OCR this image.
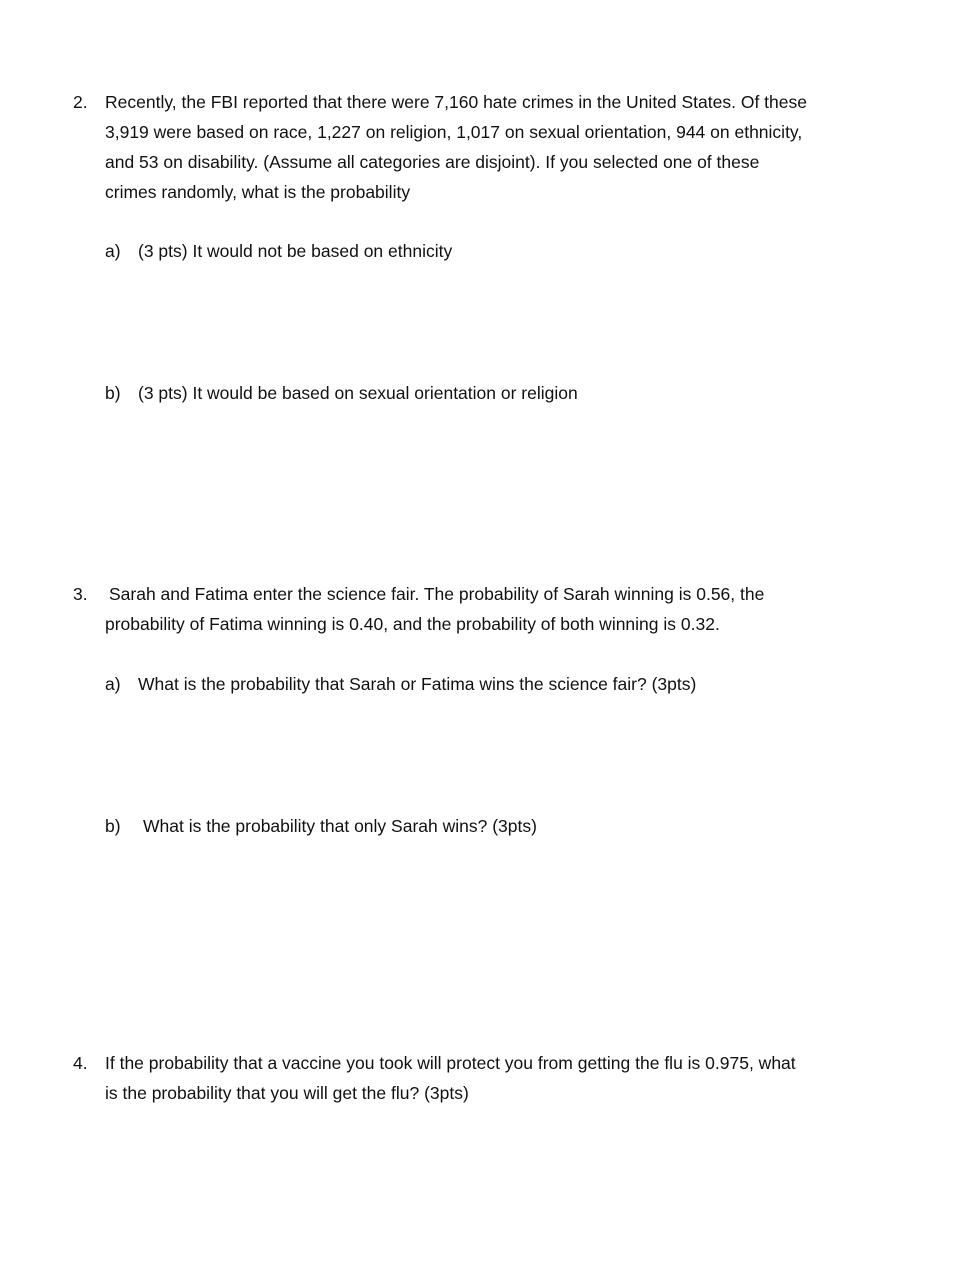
2. Recently, the FBI reported that there were 7,160 hate crimes in the United States. Of these
3,919 were based on race, 1,227 on religion, 1,017 on sexual orientation, 944 on ethnicity,
and 53 on disability. (Assume all categories are disjoint). If you selected one of these
crimes randomly, what is the probability

a) (3 pts) It would not be based on ethnicity
b) (3 pts) It would be based on sexual orientation or religion
3. Sarah and Fatima enter the science fair. The probability of Sarah winning is 0.56, the
probability of Fatima winning is 0.40, and the probability of both winning is 0.32.

a) What is the probability that Sarah or Fatima wins the science fair? (3pts)
b) What is the probability that only Sarah wins? (3pts)
4. If the probability that a vaccine you took will protect you from getting the flu is 0.975, what
is the probability that you will get the flu? (3pts)
